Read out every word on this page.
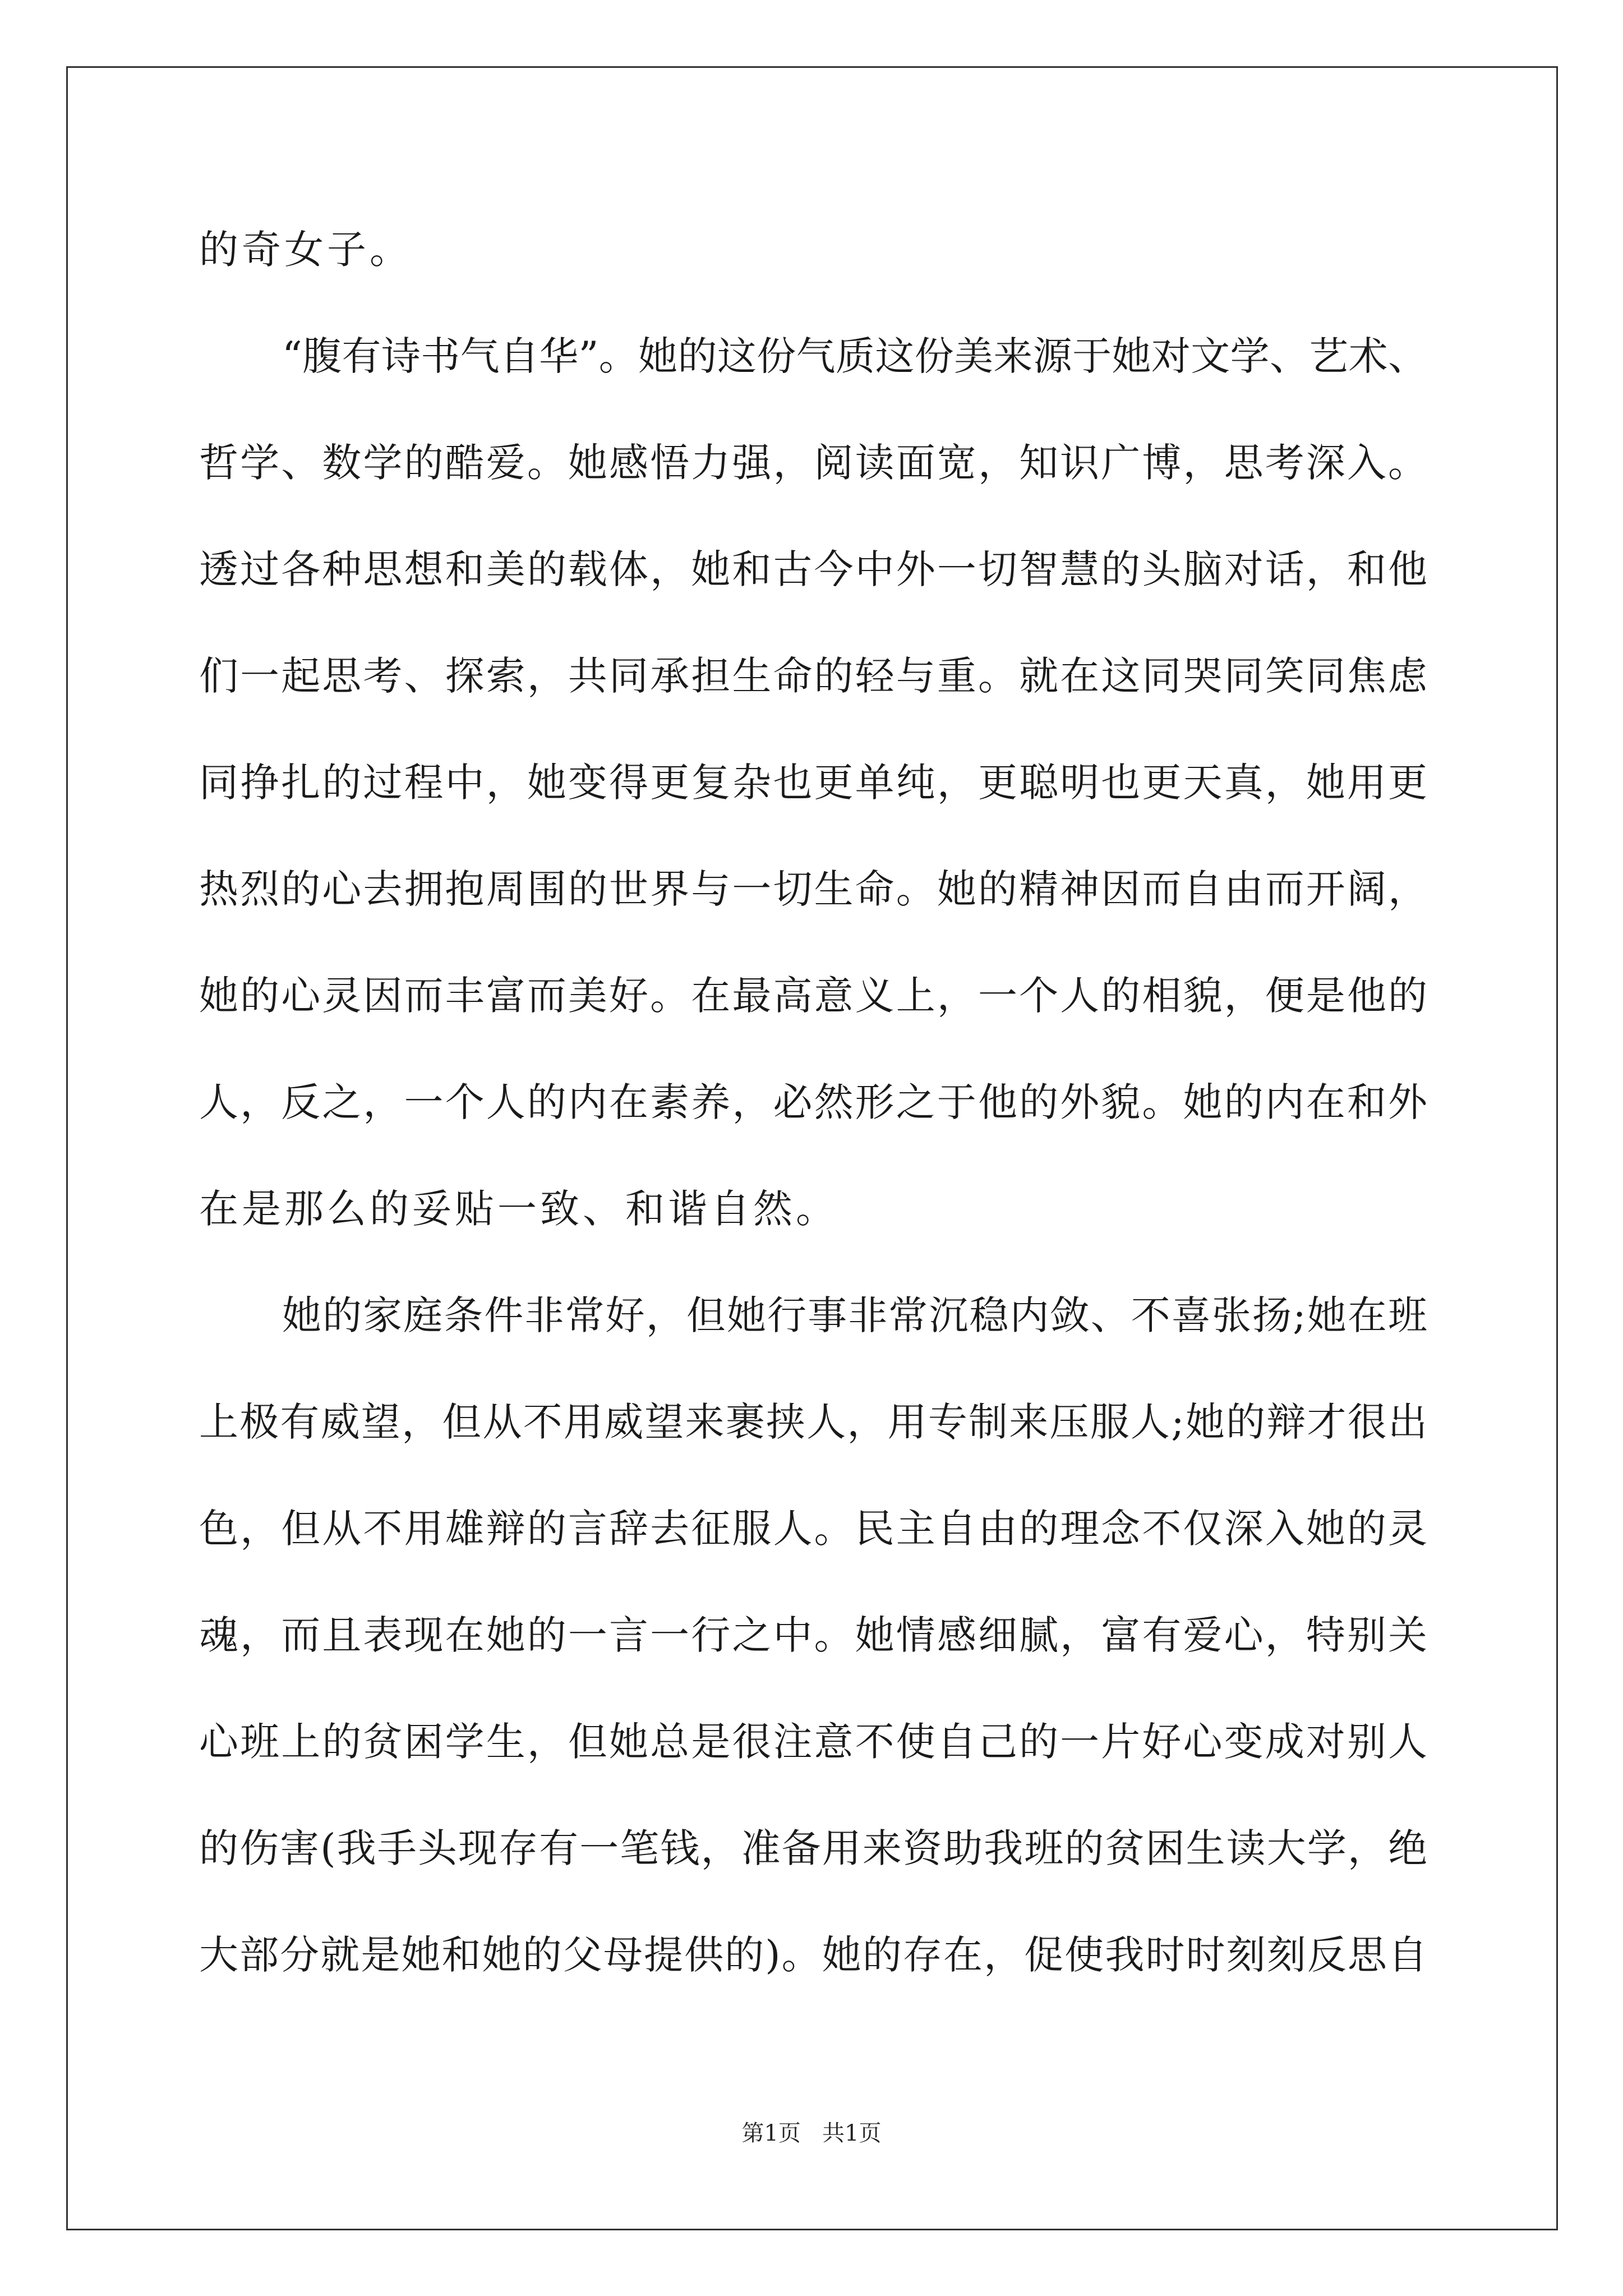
的奇女子。
“腹有诗书气自华”。她的这份气质这份美来源于她对文学、艺术、
哲学、数学的酷爱。她感悟力强，阅读面宽，知识广博，思考深入。
透过各种思想和美的载体，她和古今中外一切智慧的头脑对话，和他
们一起思考、探索，共同承担生命的轻与重。就在这同哭同笑同焦虑
同挣扎的过程中，她变得更复杂也更单纯，更聪明也更天真，她用更
热烈的心去拥抱周围的世界与一切生命。她的精神因而自由而开阔，
她的心灵因而丰富而美好。在最高意义上，一个人的相貌，便是他的
人，反之，一个人的内在素养，必然形之于他的外貌。她的内在和外
在是那么的妥贴一致、和谐自然。
她的家庭条件非常好，但她行事非常沉稳内敛、不喜张扬;她在班
上极有威望，但从不用威望来裹挟人，用专制来压服人;她的辩才很出
色，但从不用雄辩的言辞去征服人。民主自由的理念不仅深入她的灵
魂，而且表现在她的一言一行之中。她情感细腻，富有爱心，特别关
心班上的贫困学生，但她总是很注意不使自己的一片好心变成对别人
的伤害(我手头现存有一笔钱，准备用来资助我班的贫困生读大学，绝
大部分就是她和她的父母提供的)。她的存在，促使我时时刻刻反思自
第1页   共1页
